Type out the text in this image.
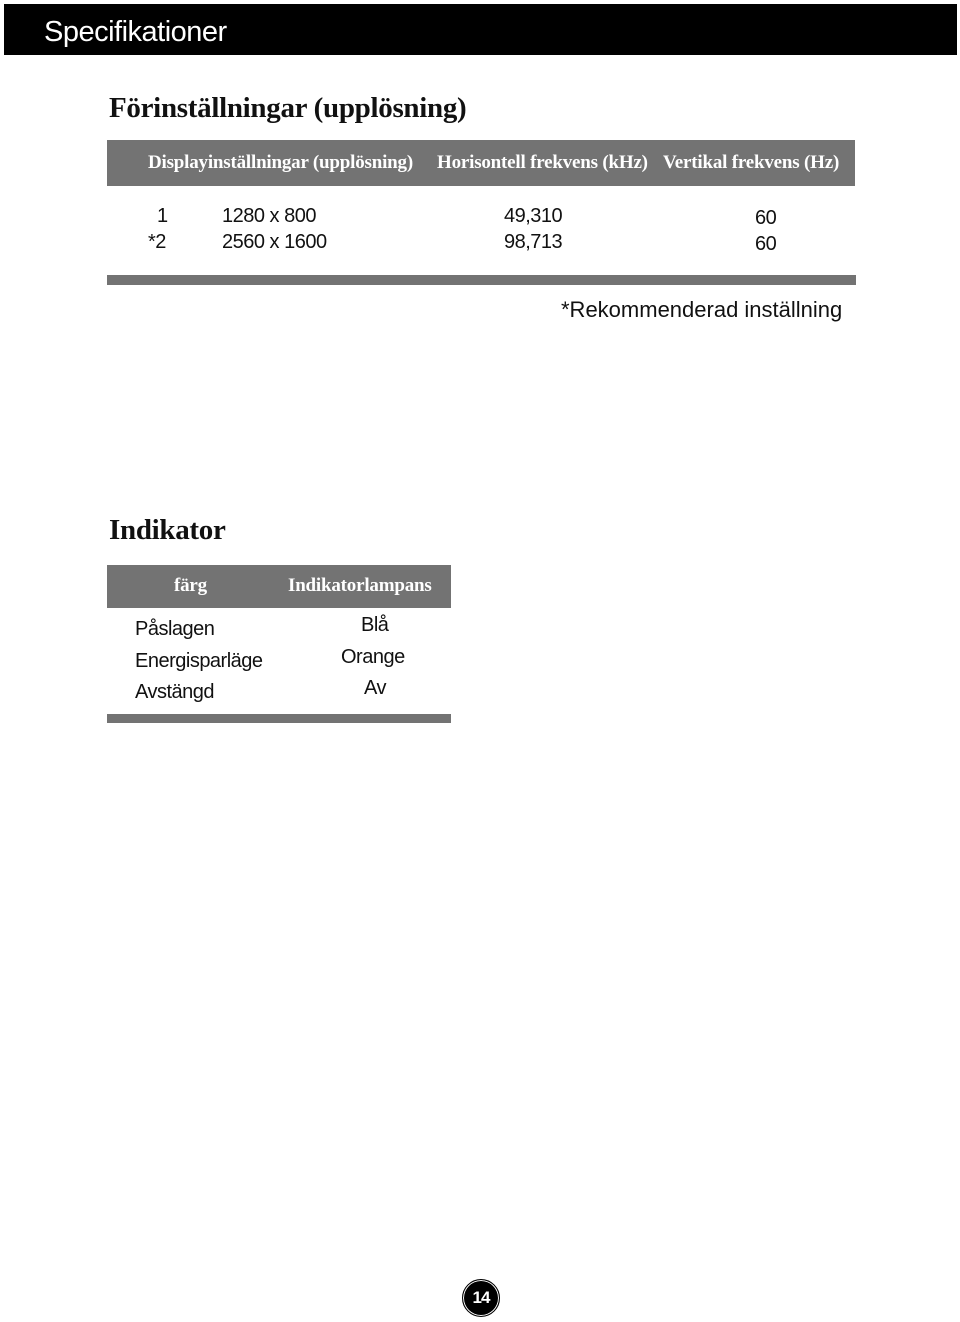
Specifikationer
Förinställningar (upplösning)
Displayinställningar (upplösning) Horisontell frekvens (kHz) Vertikal frekvens (Hz)
1	1280 x 800	49,310	60
*2	2560 x 1600	98,713	60
*Rekommenderad inställning
Indikator
färg	Indikatorlampans
Påslagen	Blå
Energisparläge	Orange
Avstängd	Av
14
